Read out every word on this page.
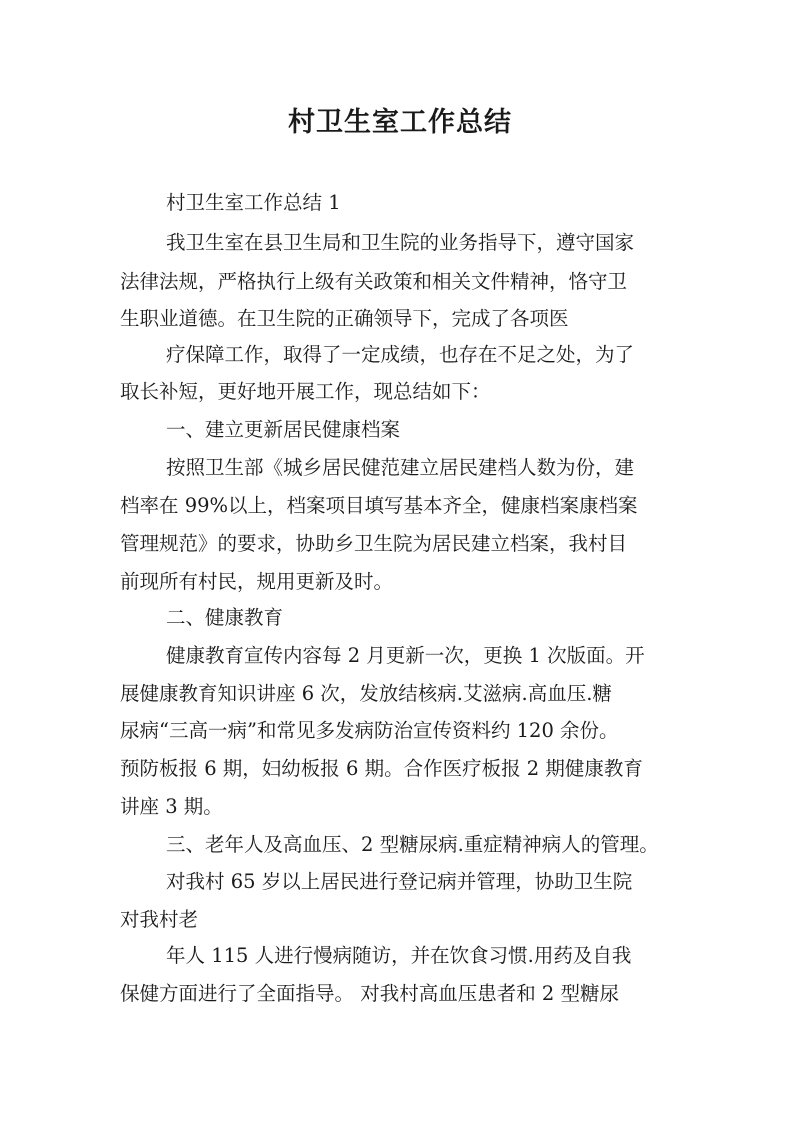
村卫生室工作总结
村卫生室工作总结 1
我卫生室在县卫生局和卫生院的业务指导下，遵守国家
法律法规，严格执行上级有关政策和相关文件精神，恪守卫
生职业道德。在卫生院的正确领导下，完成了各项医
疗保障工作，取得了一定成绩，也存在不足之处，为了
取长补短，更好地开展工作，现总结如下：
一、建立更新居民健康档案
按照卫生部《城乡居民健范建立居民建档人数为份，建
档率在 99%以上，档案项目填写基本齐全，健康档案康档案
管理规范》的要求，协助乡卫生院为居民建立档案，我村目
前现所有村民，规用更新及时。
二、健康教育
健康教育宣传内容每 2 月更新一次，更换 1 次版面。开
展健康教育知识讲座 6 次，发放结核病.艾滋病.高血压.糖
尿病“三高一病”和常见多发病防治宣传资料约 120 余份。
预防板报 6 期，妇幼板报 6 期。合作医疗板报 2 期健康教育
讲座 3 期。
三、老年人及高血压、2 型糖尿病.重症精神病人的管理。
对我村 65 岁以上居民进行登记病并管理，协助卫生院
对我村老
年人 115 人进行慢病随访，并在饮食习惯.用药及自我
保健方面进行了全面指导。 对我村高血压患者和 2 型糖尿
